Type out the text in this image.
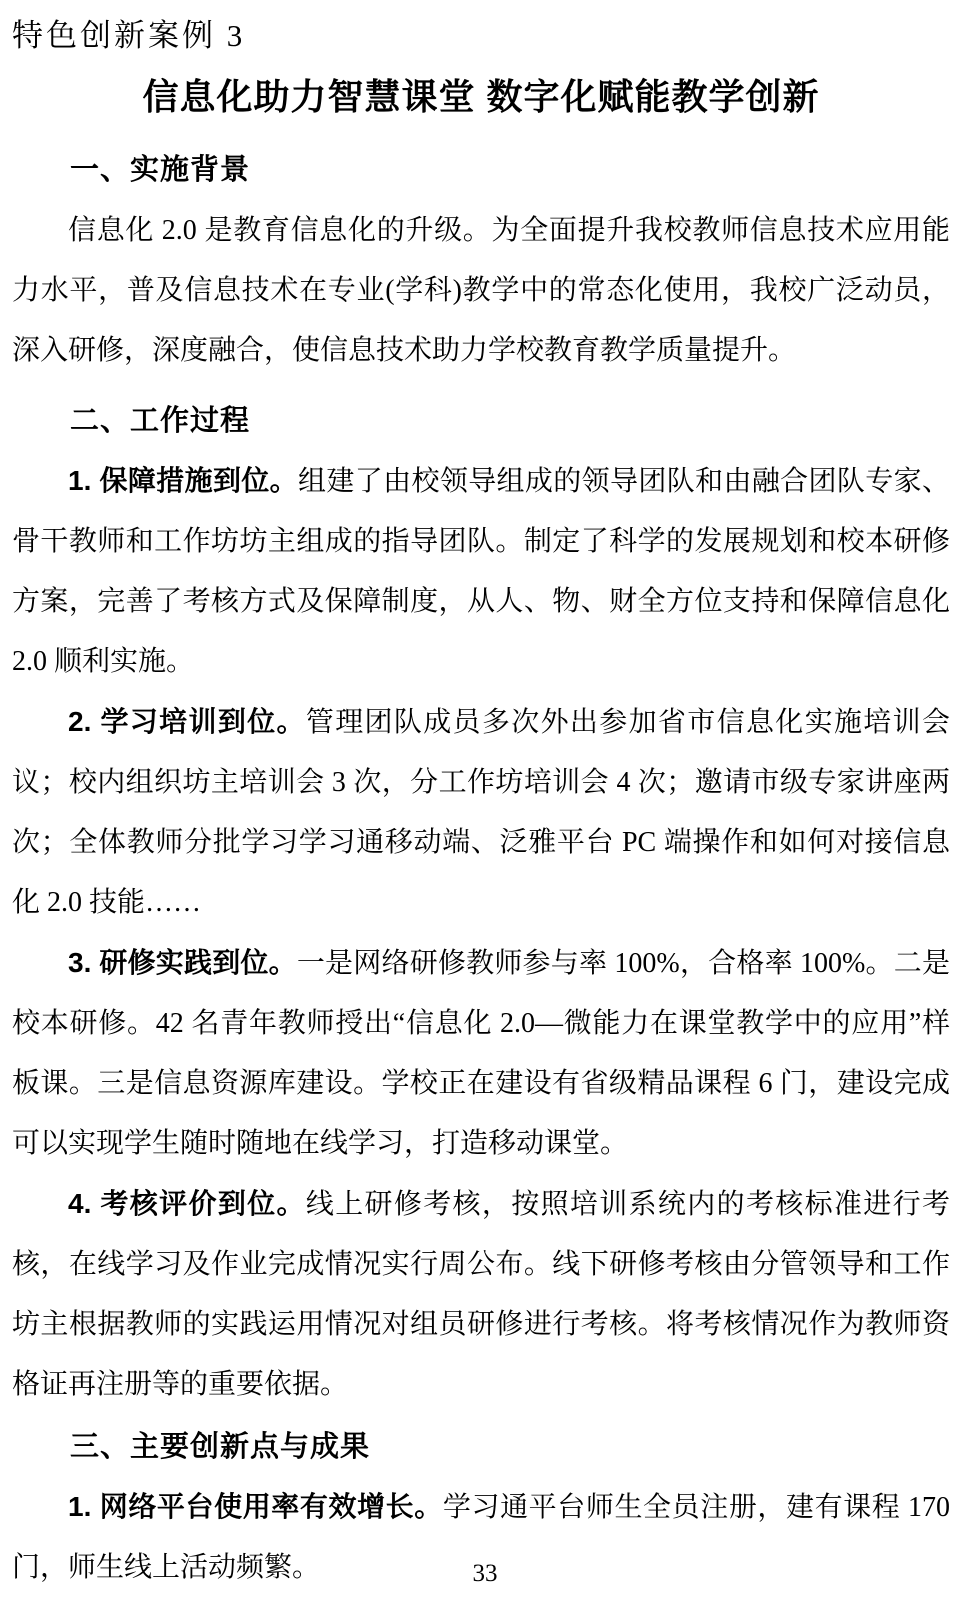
特色创新案例 3
信息化助力智慧课堂 数字化赋能教学创新
一、实施背景

信息化 2.0 是教育信息化的升级。为全面提升我校教师信息技术应用能力水平，普及信息技术在专业(学科)教学中的常态化使用，我校广泛动员，深入研修，深度融合，使信息技术助力学校教育教学质量提升。

二、工作过程

1. 保障措施到位。组建了由校领导组成的领导团队和由融合团队专家、骨干教师和工作坊坊主组成的指导团队。制定了科学的发展规划和校本研修方案，完善了考核方式及保障制度，从人、物、财全方位支持和保障信息化 2.0 顺利实施。

2. 学习培训到位。管理团队成员多次外出参加省市信息化实施培训会议；校内组织坊主培训会 3 次，分工作坊培训会 4 次；邀请市级专家讲座两次；全体教师分批学习学习通移动端、泛雅平台 PC 端操作和如何对接信息化 2.0 技能……

3. 研修实践到位。一是网络研修教师参与率 100%，合格率 100%。二是校本研修。42 名青年教师授出“信息化 2.0—微能力在课堂教学中的应用”样板课。三是信息资源库建设。学校正在建设有省级精品课程 6 门，建设完成可以实现学生随时随地在线学习，打造移动课堂。

4. 考核评价到位。线上研修考核，按照培训系统内的考核标准进行考核，在线学习及作业完成情况实行周公布。线下研修考核由分管领导和工作坊主根据教师的实践运用情况对组员研修进行考核。将考核情况作为教师资格证再注册等的重要依据。

三、主要创新点与成果

1. 网络平台使用率有效增长。学习通平台师生全员注册，建有课程 170 门，师生线上活动频繁。	33
